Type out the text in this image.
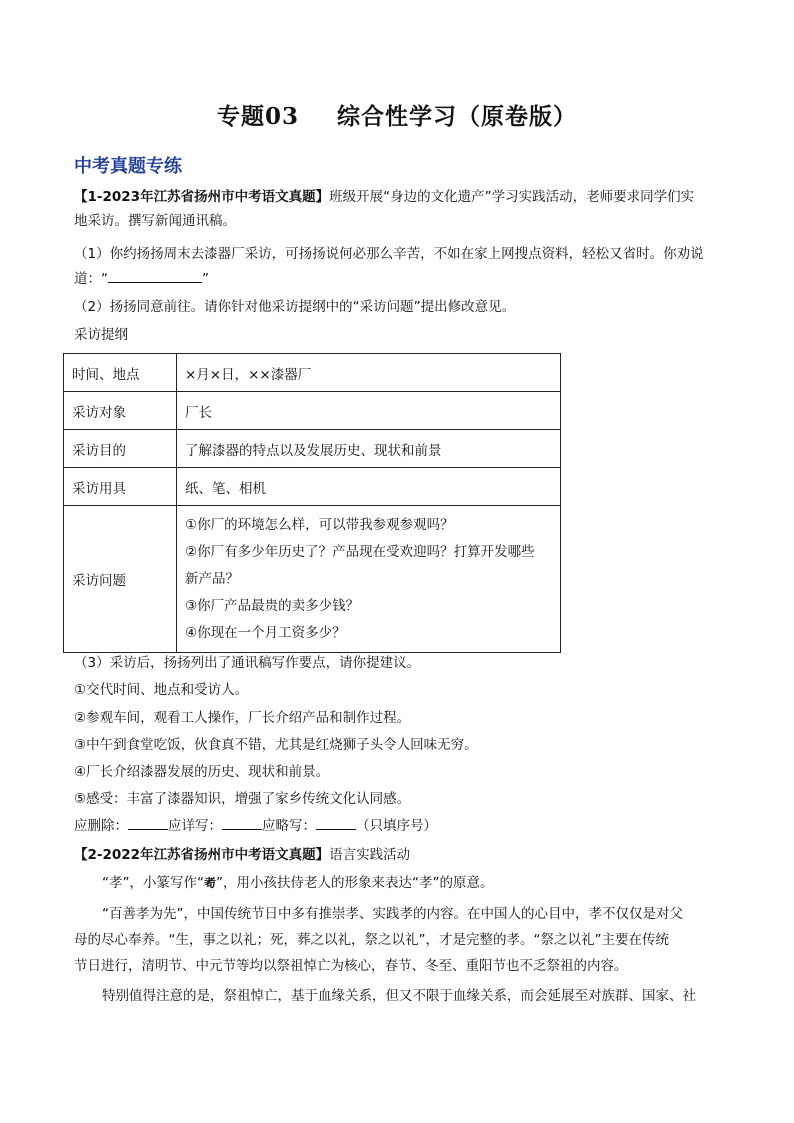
专题03 综合性学习（原卷版）
中考真题专练
【1-2023年江苏省扬州市中考语文真题】班级开展“身边的文化遗产”学习实践活动，老师要求同学们实
地采访。撰写新闻通讯稿。
（1）你约扬扬周末去漆器厂采访，可扬扬说何必那么辛苦，不如在家上网搜点资料，轻松又省时。你劝说
道：“	”
（2）扬扬同意前往。请你针对他采访提纲中的“采访问题”提出修改意见。
采访提纲
时间、地点	×月×日，××漆器厂
采访对象	厂长
采访目的	了解漆器的特点以及发展历史、现状和前景
采访用具	纸、笔、相机
采访问题	①你厂的环境怎么样，可以带我参观参观吗？
②你厂有多少年历史了？产品现在受欢迎吗？打算开发哪些
新产品？
③你厂产品最贵的卖多少钱？
④你现在一个月工资多少？
（3）采访后，扬扬列出了通讯稿写作要点，请你提建议。
①交代时间、地点和受访人。
②参观车间，观看工人操作，厂长介绍产品和制作过程。
③中午到食堂吃饭，伙食真不错，尤其是红烧狮子头令人回味无穷。
④厂长介绍漆器发展的历史、现状和前景。
⑤感受：丰富了漆器知识，增强了家乡传统文化认同感。
应删除：	应详写：	应略写：	（只填序号）
【2-2022年江苏省扬州市中考语文真题】语言实践活动
“孝”，小篆写作“耇”，用小孩扶侍老人的形象来表达“孝”的原意。
“百善孝为先”，中国传统节日中多有推崇孝、实践孝的内容。在中国人的心目中，孝不仅仅是对父
母的尽心奉养。“生，事之以礼；死，葬之以礼，祭之以礼”，才是完整的孝。“祭之以礼”主要在传统
节日进行，清明节、中元节等均以祭祖悼亡为核心，春节、冬至、重阳节也不乏祭祖的内容。
特别值得注意的是，祭祖悼亡，基于血缘关系，但又不限于血缘关系，而会延展至对族群、国家、社
